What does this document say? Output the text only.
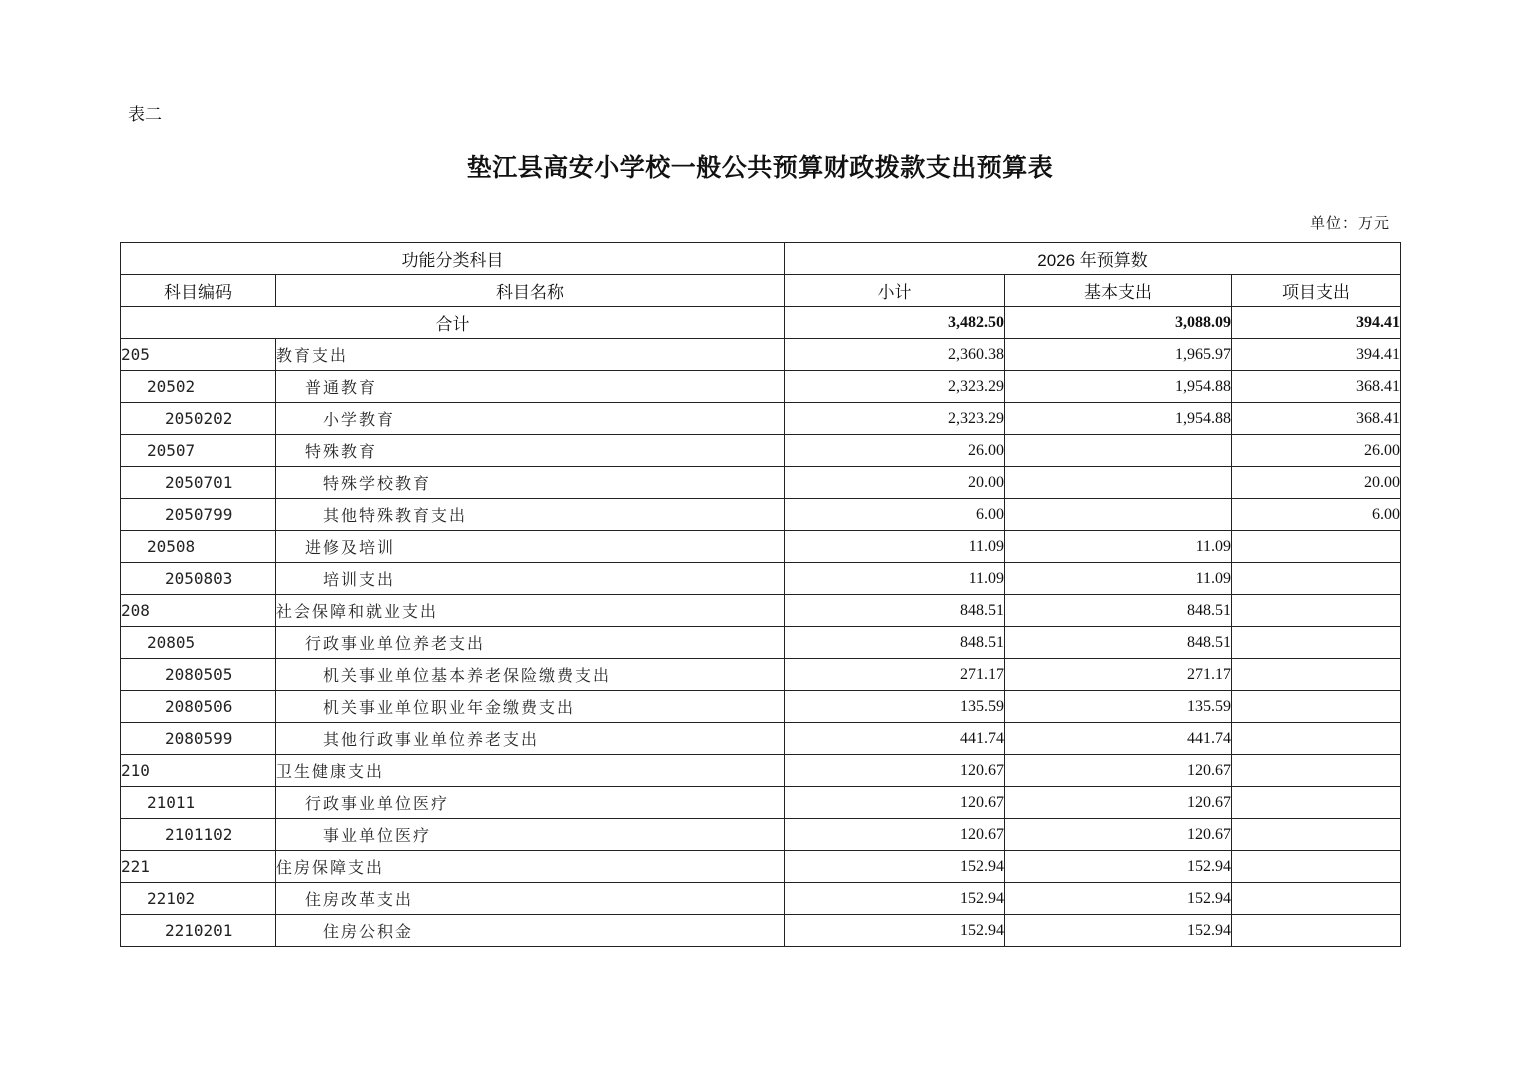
表二
垫江县高安小学校一般公共预算财政拨款支出预算表
单位：万元
功能分类科目		2026 年预算数		
科目编码	科目名称	小计	基本支出	项目支出
合计		3,482.50	3,088.09	394.41
205	教育支出	2,360.38	1,965.97	394.41
20502	普通教育	2,323.29	1,954.88	368.41
2050202	小学教育	2,323.29	1,954.88	368.41
20507	特殊教育	26.00		26.00
2050701	特殊学校教育	20.00		20.00
2050799	其他特殊教育支出	6.00		6.00
20508	进修及培训	11.09	11.09	
2050803	培训支出	11.09	11.09	
208	社会保障和就业支出	848.51	848.51	
20805	行政事业单位养老支出	848.51	848.51	
2080505	机关事业单位基本养老保险缴费支出	271.17	271.17	
2080506	机关事业单位职业年金缴费支出	135.59	135.59	
2080599	其他行政事业单位养老支出	441.74	441.74	
210	卫生健康支出	120.67	120.67	
21011	行政事业单位医疗	120.67	120.67	
2101102	事业单位医疗	120.67	120.67	
221	住房保障支出	152.94	152.94	
22102	住房改革支出	152.94	152.94	
2210201	住房公积金	152.94	152.94	
